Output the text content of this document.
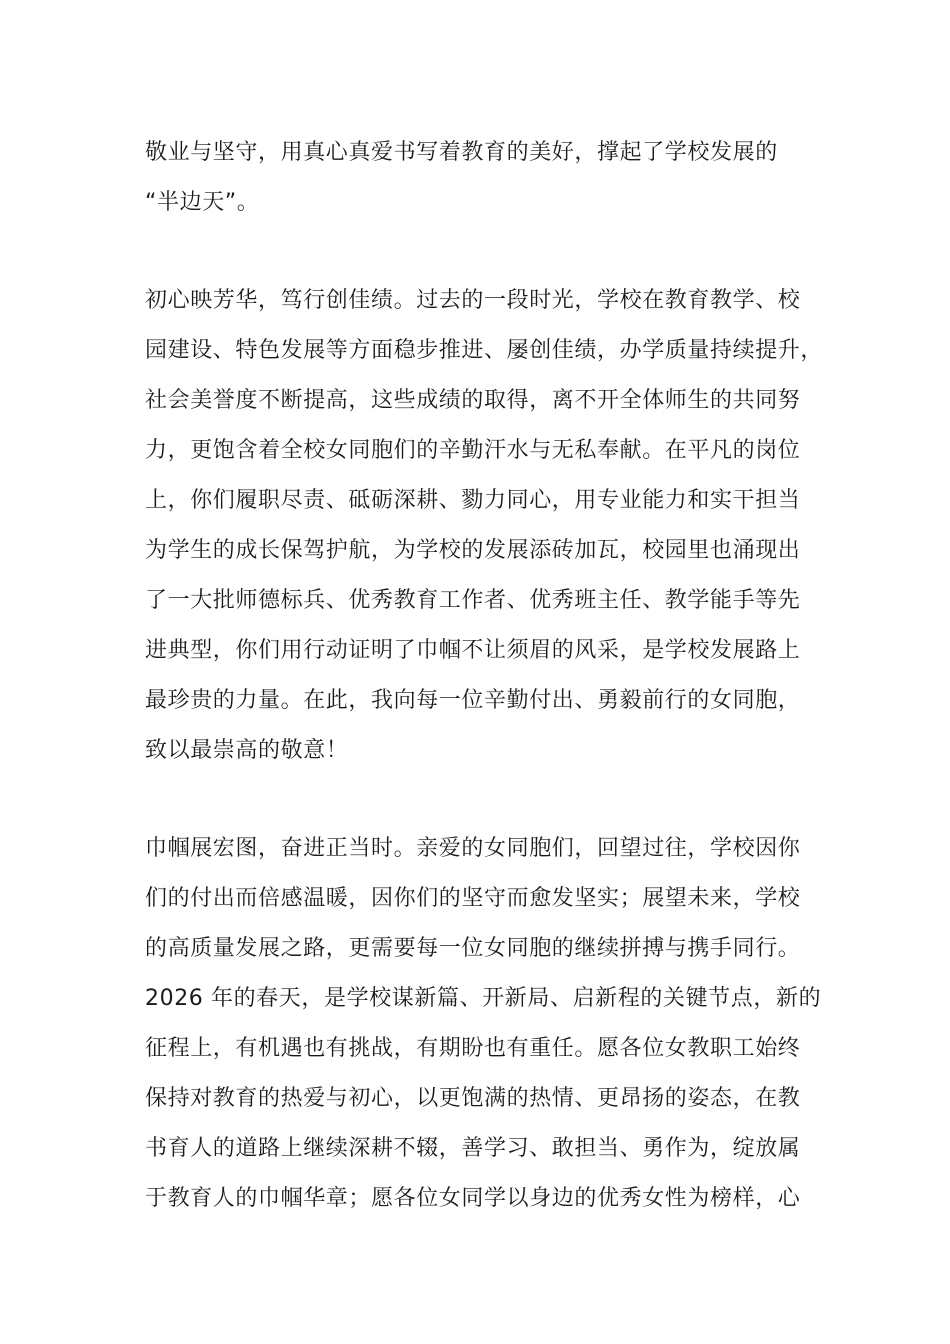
敬业与坚守，用真心真爱书写着教育的美好，撑起了学校发展的
“半边天”。
初心映芳华，笃行创佳绩。过去的一段时光，学校在教育教学、校
园建设、特色发展等方面稳步推进、屡创佳绩，办学质量持续提升，
社会美誉度不断提高，这些成绩的取得，离不开全体师生的共同努
力，更饱含着全校女同胞们的辛勤汗水与无私奉献。在平凡的岗位
上，你们履职尽责、砥砺深耕、勠力同心，用专业能力和实干担当
为学生的成长保驾护航，为学校的发展添砖加瓦，校园里也涌现出
了一大批师德标兵、优秀教育工作者、优秀班主任、教学能手等先
进典型，你们用行动证明了巾帼不让须眉的风采，是学校发展路上
最珍贵的力量。在此，我向每一位辛勤付出、勇毅前行的女同胞，
致以最崇高的敬意！
巾帼展宏图，奋进正当时。亲爱的女同胞们，回望过往，学校因你
们的付出而倍感温暖，因你们的坚守而愈发坚实；展望未来，学校
的高质量发展之路，更需要每一位女同胞的继续拼搏与携手同行。
2026 年的春天，是学校谋新篇、开新局、启新程的关键节点，新的
征程上，有机遇也有挑战，有期盼也有重任。愿各位女教职工始终
保持对教育的热爱与初心，以更饱满的热情、更昂扬的姿态，在教
书育人的道路上继续深耕不辍，善学习、敢担当、勇作为，绽放属
于教育人的巾帼华章；愿各位女同学以身边的优秀女性为榜样，心
